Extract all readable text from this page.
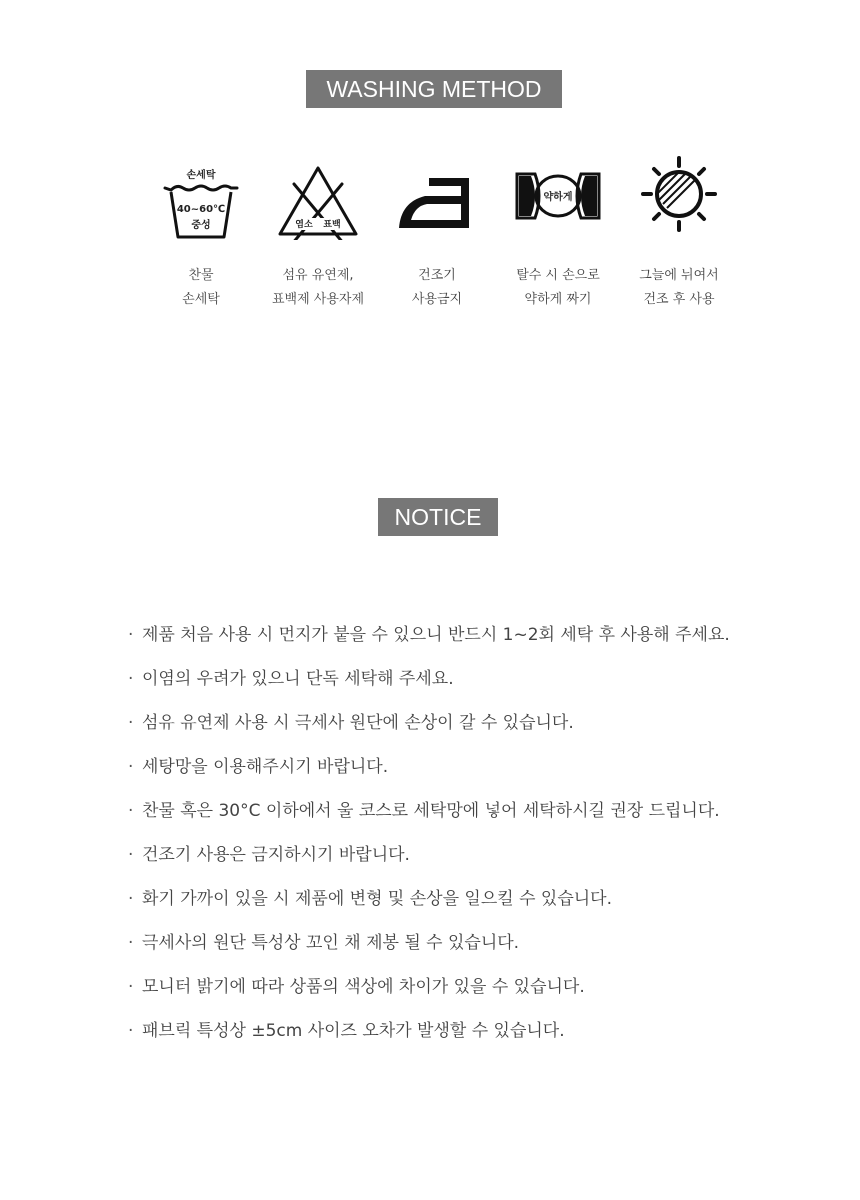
WASHING METHOD
손세탁
40~60℃
중성
찬물
손세탁
염소 표백
섬유 유연제,
표백제 사용자제
건조기
사용금지
약하게
탈수 시 손으로
약하게 짜기
그늘에 뉘여서
건조 후 사용
NOTICE
· 제품 처음 사용 시 먼지가 붙을 수 있으니 반드시 1~2회 세탁 후 사용해 주세요.
· 이염의 우려가 있으니 단독 세탁해 주세요.
· 섬유 유연제 사용 시 극세사 원단에 손상이 갈 수 있습니다.
· 세탕망을 이용해주시기 바랍니다.
· 찬물 혹은 30°C 이하에서 울 코스로 세탁망에 넣어 세탁하시길 권장 드립니다.
· 건조기 사용은 금지하시기 바랍니다.
· 화기 가까이 있을 시 제품에 변형 및 손상을 일으킬 수 있습니다.
· 극세사의 원단 특성상 꼬인 채 제봉 될 수 있습니다.
· 모니터 밝기에 따라 상품의 색상에 차이가 있을 수 있습니다.
· 패브릭 특성상 ±5cm 사이즈 오차가 발생할 수 있습니다.
